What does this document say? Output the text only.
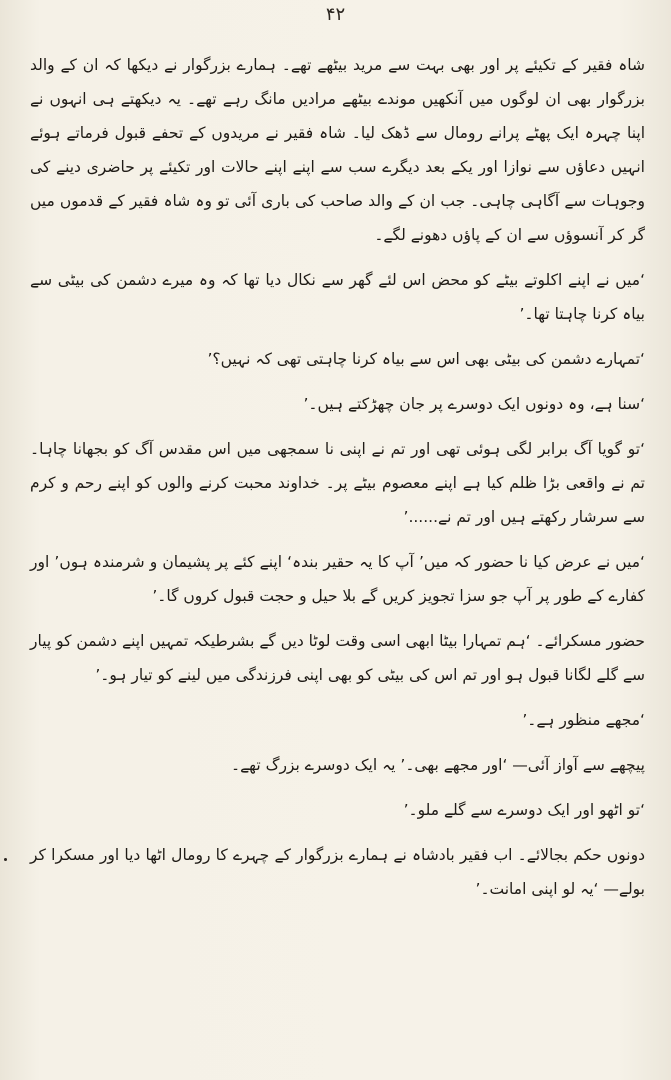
۴۲

شاہ فقیر کے تکیئے پر اور بھی بہت سے مرید بیٹھے تھے۔ ہمارے بزرگوار نے دیکھا کہ ان کے والد بزرگوار بھی ان لوگوں میں آنکھیں موندے بیٹھے مرادیں مانگ رہے تھے۔ یہ دیکھتے ہی انہوں نے اپنا چہرہ ایک پھٹے پرانے رومال سے ڈھک لیا۔ شاہ فقیر نے مریدوں کے تحفے قبول فرماتے ہوئے انہیں دعاؤں سے نوازا اور یکے بعد دیگرے سب سے اپنے اپنے حالات اور تکیئے پر حاضری دینے کی وجوہات سے آگاہی چاہی۔ جب ان کے والد صاحب کی باری آئی تو وہ شاہ فقیر کے قدموں میں گر کر آنسوؤں سے ان کے پاؤں دھونے لگے۔

‘میں نے اپنے اکلوتے بیٹے کو محض اس لئے گھر سے نکال دیا تھا کہ وہ میرے دشمن کی بیٹی سے بیاہ کرنا چاہتا تھا۔’

‘تمہارے دشمن کی بیٹی بھی اس سے بیاہ کرنا چاہتی تھی کہ نہیں؟’

‘سنا ہے، وہ دونوں ایک دوسرے پر جان چھڑکتے ہیں۔’

‘تو گویا آگ برابر لگی ہوئی تھی اور تم نے اپنی نا سمجھی میں اس مقدس آگ کو بجھانا چاہا۔ تم نے واقعی بڑا ظلم کیا ہے اپنے معصوم بیٹے پر۔ خداوند محبت کرنے والوں کو اپنے رحم و کرم سے سرشار رکھتے ہیں اور تم نے......’

‘میں نے عرض کیا نا حضور کہ میں’ آپ کا یہ حقیر بندہ‘ اپنے کئے پر پشیمان و شرمندہ ہوں’ اور کفارے کے طور پر آپ جو سزا تجویز کریں گے بلا حیل و حجت قبول کروں گا۔’

حضور مسکرائے۔ ‘ہم تمہارا بیٹا ابھی اسی وقت لوٹا دیں گے بشرطیکہ تمہیں اپنے دشمن کو پیار سے گلے لگانا قبول ہو اور تم اس کی بیٹی کو بھی اپنی فرزندگی میں لینے کو تیار ہو۔’

‘مجھے منظور ہے۔’

پیچھے سے آواز آئی— ‘اور مجھے بھی۔’ یہ ایک دوسرے بزرگ تھے۔

‘تو اٹھو اور ایک دوسرے سے گلے ملو۔’

دونوں حکم بجالائے۔ اب فقیر بادشاہ نے ہمارے بزرگوار کے چہرے کا رومال اٹھا دیا اور مسکرا کر بولے— ‘یہ لو اپنی امانت۔’
